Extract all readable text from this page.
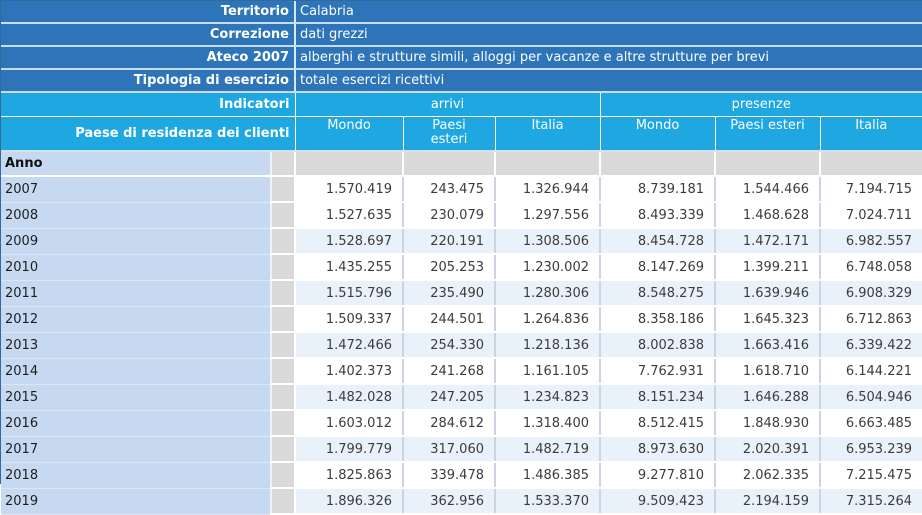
Territorio		Calabria					
Correzione		dati grezzi					
Ateco 2007		alberghi e strutture simili, alloggi per vacanze e altre strutture per brevi					
Tipologia di esercizio		totale esercizi ricettivi					
Indicatori		arrivi			presenze		
Paese di residenza dei clienti		Mondo	Paesi esteri	Italia	Mondo	Paesi esteri	Italia
Anno							
2007		1.570.419	243.475	1.326.944	8.739.181	1.544.466	7.194.715
2008		1.527.635	230.079	1.297.556	8.493.339	1.468.628	7.024.711
2009		1.528.697	220.191	1.308.506	8.454.728	1.472.171	6.982.557
2010		1.435.255	205.253	1.230.002	8.147.269	1.399.211	6.748.058
2011		1.515.796	235.490	1.280.306	8.548.275	1.639.946	6.908.329
2012		1.509.337	244.501	1.264.836	8.358.186	1.645.323	6.712.863
2013		1.472.466	254.330	1.218.136	8.002.838	1.663.416	6.339.422
2014		1.402.373	241.268	1.161.105	7.762.931	1.618.710	6.144.221
2015		1.482.028	247.205	1.234.823	8.151.234	1.646.288	6.504.946
2016		1.603.012	284.612	1.318.400	8.512.415	1.848.930	6.663.485
2017		1.799.779	317.060	1.482.719	8.973.630	2.020.391	6.953.239
2018		1.825.863	339.478	1.486.385	9.277.810	2.062.335	7.215.475
2019		1.896.326	362.956	1.533.370	9.509.423	2.194.159	7.315.264
